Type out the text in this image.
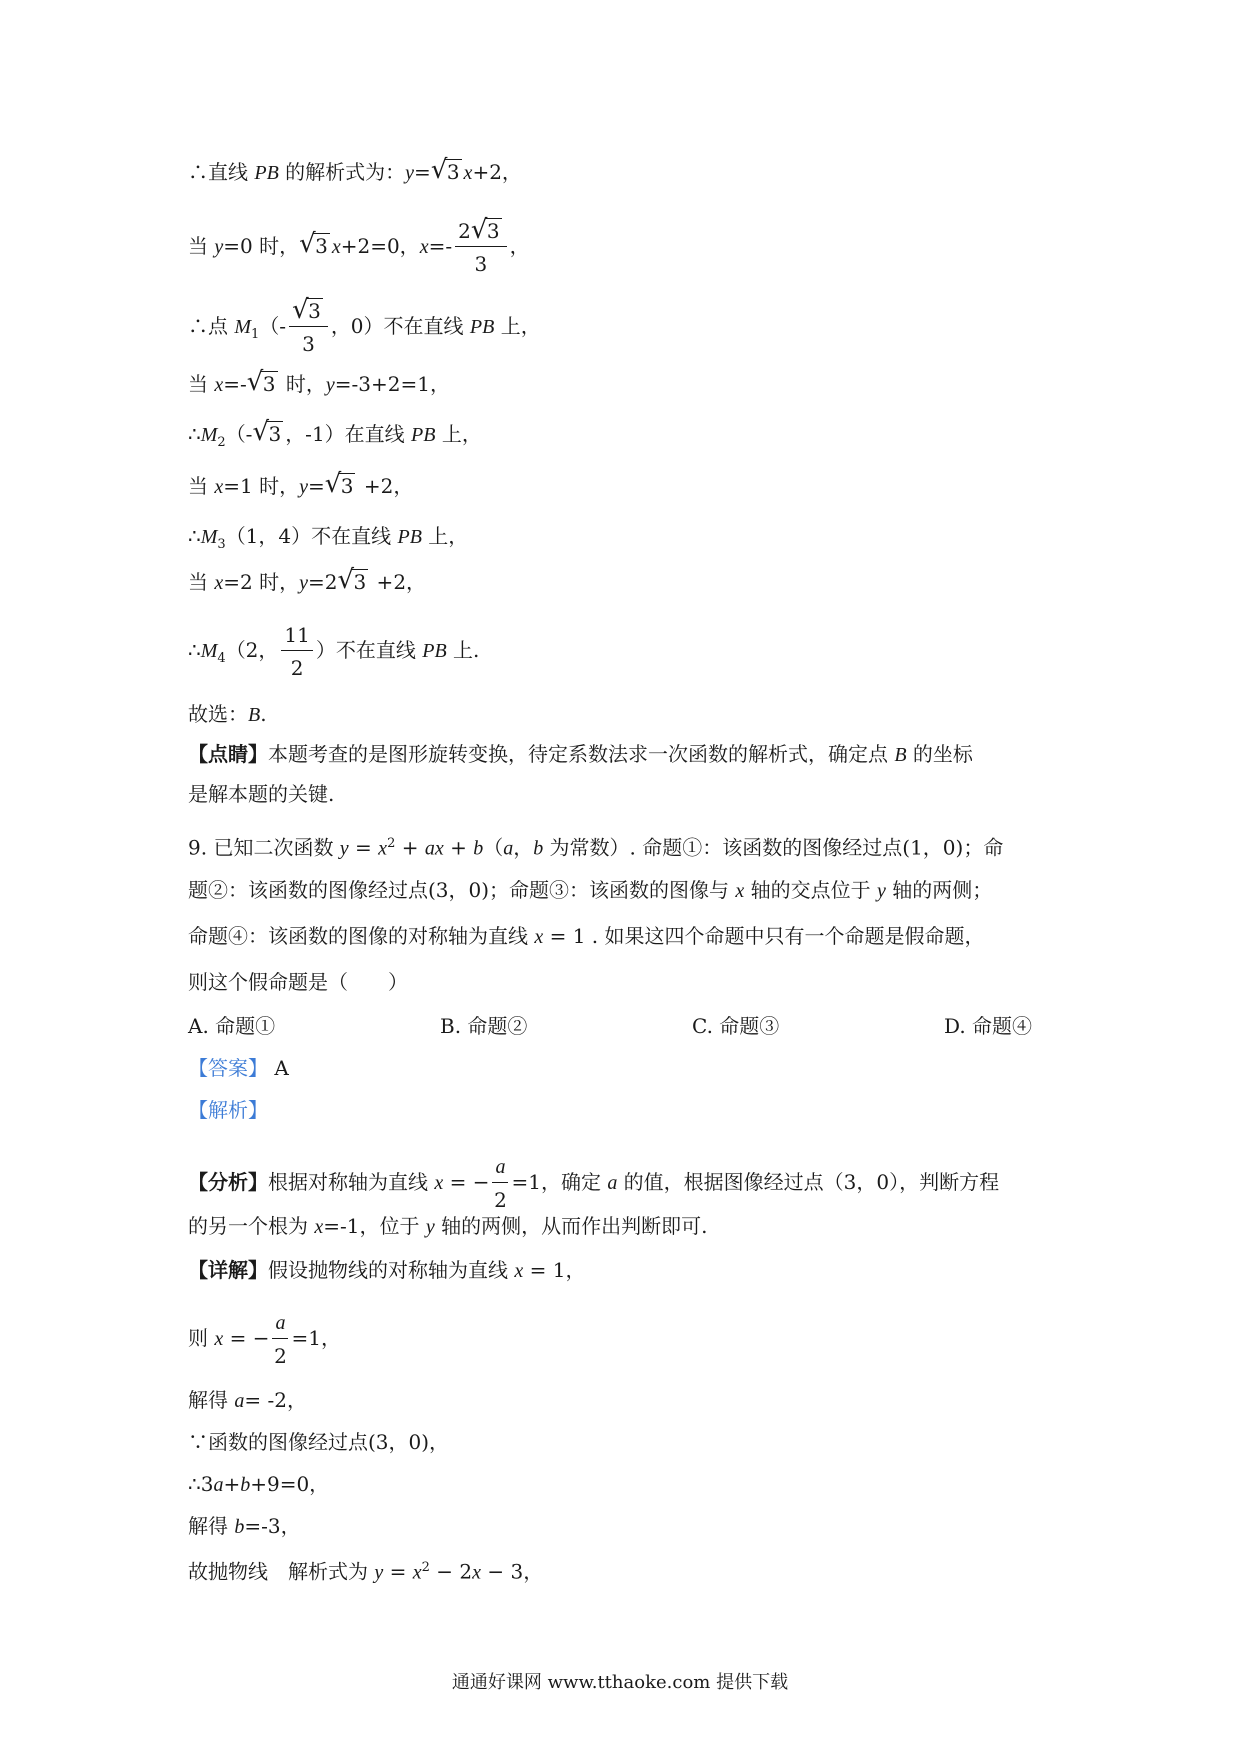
∴直线 PB 的解析式为：y= √ 3 x+2，
当 y=0 时， √ 3 x+2=0，$x=- \frac{2 √ 3}{3}$ ，
∴点 $M_1(- \frac{√ 3}{3}$ ，0）不在直线 PB 上，
当 x=- √ 3 时，y=-3+2=1，
$\therefore M_2(-$ √ 3 ，-1）在直线 PB 上，
当 x=1 时，y= √ 3 +2，
$\therefore M_3(1$，4）不在直线 PB 上，
当 x=2 时，y=2 √ 3 +2，
$\therefore M_4(2$， $\frac{11}{2}$ ）不在直线 PB 上.
故选：B.
【点睛】本题考查的是图形旋转变换，待定系数法求一次函数的解析式，确定点 B 的坐标
是解本题的关键.
9. 已知二次函数 $y = x^2$ + ax + b（a，b 为常数）. 命题①：该函数的图像经过点(1，0)；命
题②：该函数的图像经过点(3，0)；命题③：该函数的图像与 x 轴的交点位于 y 轴的两侧；
命题④：该函数的图像的对称轴为直线 x = 1 . 如果这四个命题中只有一个命题是假命题，
则这个假命题是（　　）
A. 命题①	B. 命题②	C. 命题③	D. 命题④
【答案】 A
【解析】
【分析】根据对称轴为直线 x = − $\frac{a}{2} =1$，确定 a 的值，根据图像经过点（3，0），判断方程
的另一个根为 x=-1，位于 y 轴的两侧，从而作出判断即可.
【详解】假设抛物线的对称轴为直线 x = 1，
则 x = − $\frac{a}{2} =1$，
解得 a= -2，
∵函数的图像经过点(3，0)，
∴3a+b+9=0，
解得 b=-3，
故抛物线　解析式为 $y = x^2 - 2x - 3$，
通通好课网 www.tthaoke.com 提供下载
